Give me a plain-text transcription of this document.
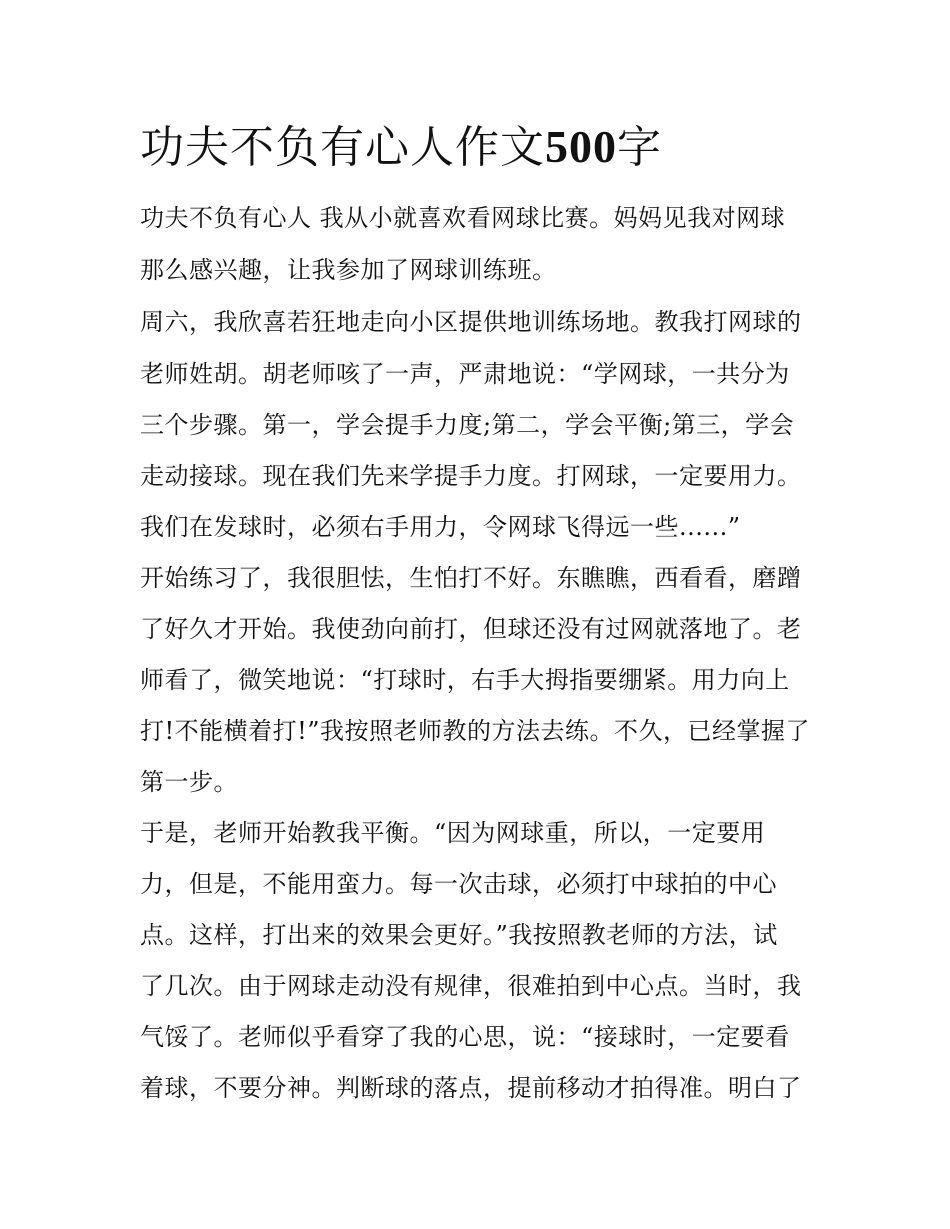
功夫不负有心人作文500字

功夫不负有心人 我从小就喜欢看网球比赛。妈妈见我对网球

那么感兴趣，让我参加了网球训练班。

周六，我欣喜若狂地走向小区提供地训练场地。教我打网球的

老师姓胡。胡老师咳了一声，严肃地说：“学网球，一共分为

三个步骤。第一，学会提手力度;第二，学会平衡;第三，学会

走动接球。现在我们先来学提手力度。打网球，一定要用力。

我们在发球时，必须右手用力，令网球飞得远一些......”

开始练习了，我很胆怯，生怕打不好。东瞧瞧，西看看，磨蹭

了好久才开始。我使劲向前打，但球还没有过网就落地了。老

师看了，微笑地说：“打球时，右手大拇指要绷紧。用力向上

打!不能横着打!”我按照老师教的方法去练。不久，已经掌握了

第一步。

于是，老师开始教我平衡。“因为网球重，所以，一定要用

力，但是，不能用蛮力。每一次击球，必须打中球拍的中心

点。这样，打出来的效果会更好。”我按照教老师的方法，试

了几次。由于网球走动没有规律，很难拍到中心点。当时，我

气馁了。老师似乎看穿了我的心思，说：“接球时，一定要看

着球，不要分神。判断球的落点，提前移动才拍得准。明白了
